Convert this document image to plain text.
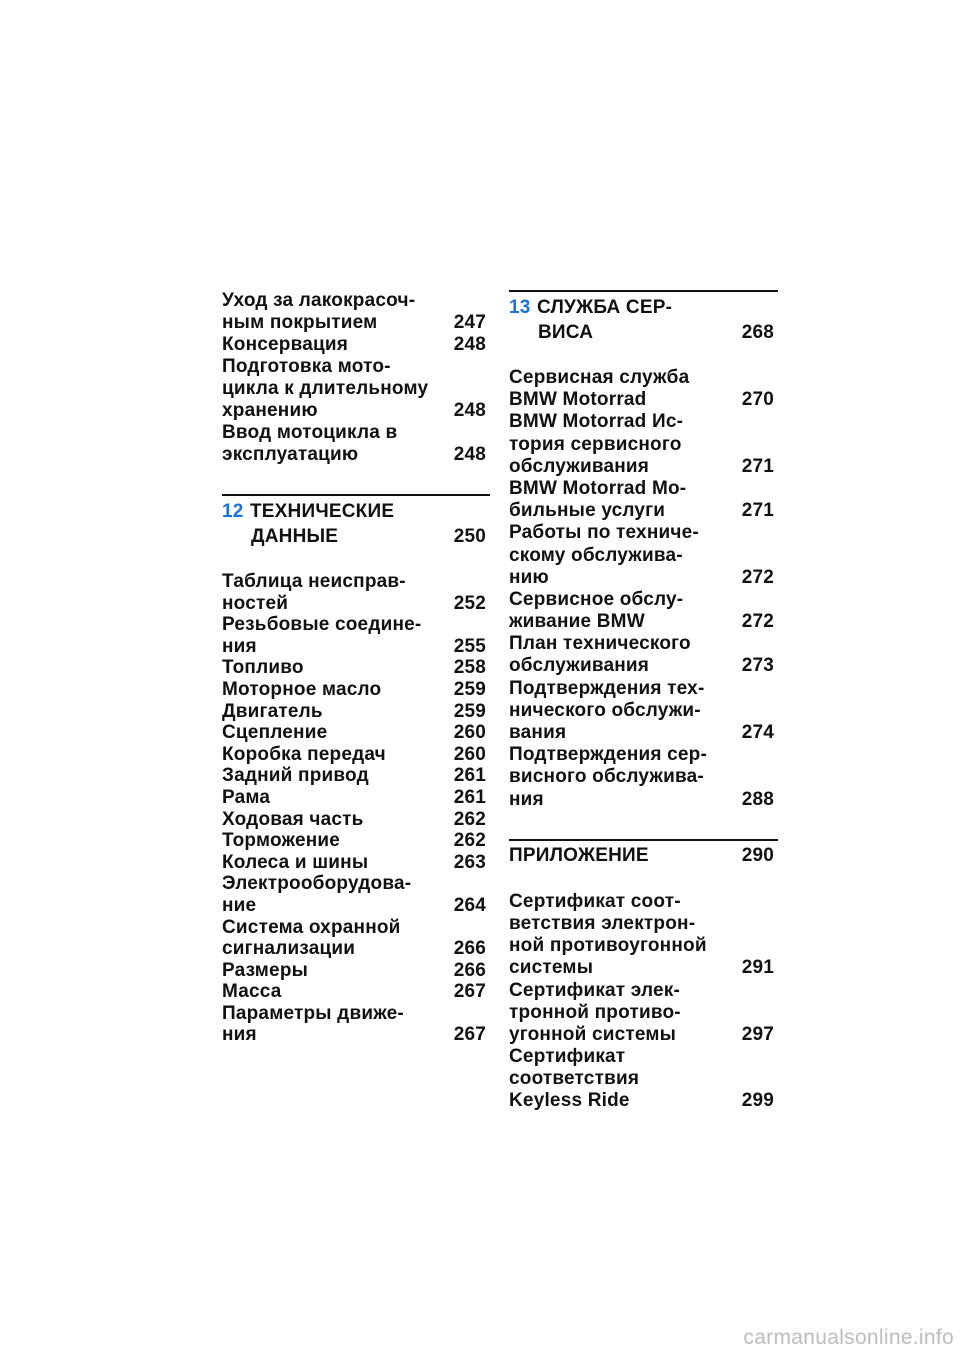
Уход за лакокрасоч-
ным покрытием	247
Консервация	248
Подготовка мото-
цикла к длительному
хранению	248
Ввод мотоцикла в
эксплуатацию	248
12 ТЕХНИЧЕСКИЕ
ДАННЫЕ	250
Таблица неисправ-
ностей	252
Резьбовые соедине-
ния	255
Топливо	258
Моторное масло	259
Двигатель	259
Сцепление	260
Коробка передач	260
Задний привод	261
Рама	261
Ходовая часть	262
Торможение	262
Колеса и шины	263
Электрооборудова-
ние	264
Система охранной
сигнализации	266
Размеры	266
Масса	267
Параметры движе-
ния	267
13 СЛУЖБА СЕР-
ВИСА	268
Сервисная служба
BMW Motorrad	270
BMW Motorrad Ис-
тория сервисного
обслуживания	271
BMW Motorrad Мо-
бильные услуги	271
Работы по техниче-
скому обслужива-
нию	272
Сервисное обслу-
живание BMW	272
План технического
обслуживания	273
Подтверждения тех-
нического обслужи-
вания	274
Подтверждения сер-
висного обслужива-
ния	288
ПРИЛОЖЕНИЕ	290
Сертификат соот-
ветствия электрон-
ной противоугонной
системы	291
Сертификат элек-
тронной противо-
угонной системы	297
Сертификат
соответствия
Keyless Ride	299
carmanualsonline.info
